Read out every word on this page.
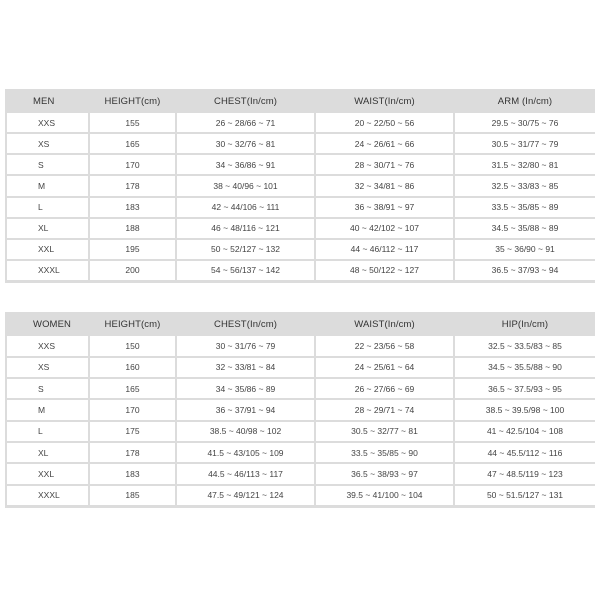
MEN	HEIGHT(cm)	CHEST(In/cm)	WAIST(In/cm)	ARM (In/cm)
XXS	155	26 ~ 28/66 ~ 71	20 ~ 22/50 ~ 56	29.5 ~ 30/75 ~ 76
XS	165	30 ~ 32/76 ~ 81	24 ~ 26/61 ~ 66	30.5 ~ 31/77 ~ 79
S	170	34 ~ 36/86 ~ 91	28 ~ 30/71 ~ 76	31.5 ~ 32/80 ~ 81
M	178	38 ~ 40/96 ~ 101	32 ~ 34/81 ~ 86	32.5 ~ 33/83 ~ 85
L	183	42 ~ 44/106 ~ 111	36 ~ 38/91 ~ 97	33.5 ~ 35/85 ~ 89
XL	188	46 ~ 48/116 ~ 121	40 ~ 42/102 ~ 107	34.5 ~ 35/88 ~ 89
XXL	195	50 ~ 52/127 ~ 132	44 ~ 46/112 ~ 117	35 ~ 36/90 ~ 91
XXXL	200	54 ~ 56/137 ~ 142	48 ~ 50/122 ~ 127	36.5 ~ 37/93 ~ 94
WOMEN	HEIGHT(cm)	CHEST(In/cm)	WAIST(In/cm)	HIP(In/cm)
XXS	150	30 ~ 31/76 ~ 79	22 ~ 23/56 ~ 58	32.5 ~ 33.5/83 ~ 85
XS	160	32 ~ 33/81 ~ 84	24 ~ 25/61 ~ 64	34.5 ~ 35.5/88 ~ 90
S	165	34 ~ 35/86 ~ 89	26 ~ 27/66 ~ 69	36.5 ~ 37.5/93 ~ 95
M	170	36 ~ 37/91 ~ 94	28 ~ 29/71 ~ 74	38.5 ~ 39.5/98 ~ 100
L	175	38.5 ~ 40/98 ~ 102	30.5 ~ 32/77 ~ 81	41 ~ 42.5/104 ~ 108
XL	178	41.5 ~ 43/105 ~ 109	33.5 ~ 35/85 ~ 90	44 ~ 45.5/112 ~ 116
XXL	183	44.5 ~ 46/113 ~ 117	36.5 ~ 38/93 ~ 97	47 ~ 48.5/119 ~ 123
XXXL	185	47.5 ~ 49/121 ~ 124	39.5 ~ 41/100 ~ 104	50 ~ 51.5/127 ~ 131
